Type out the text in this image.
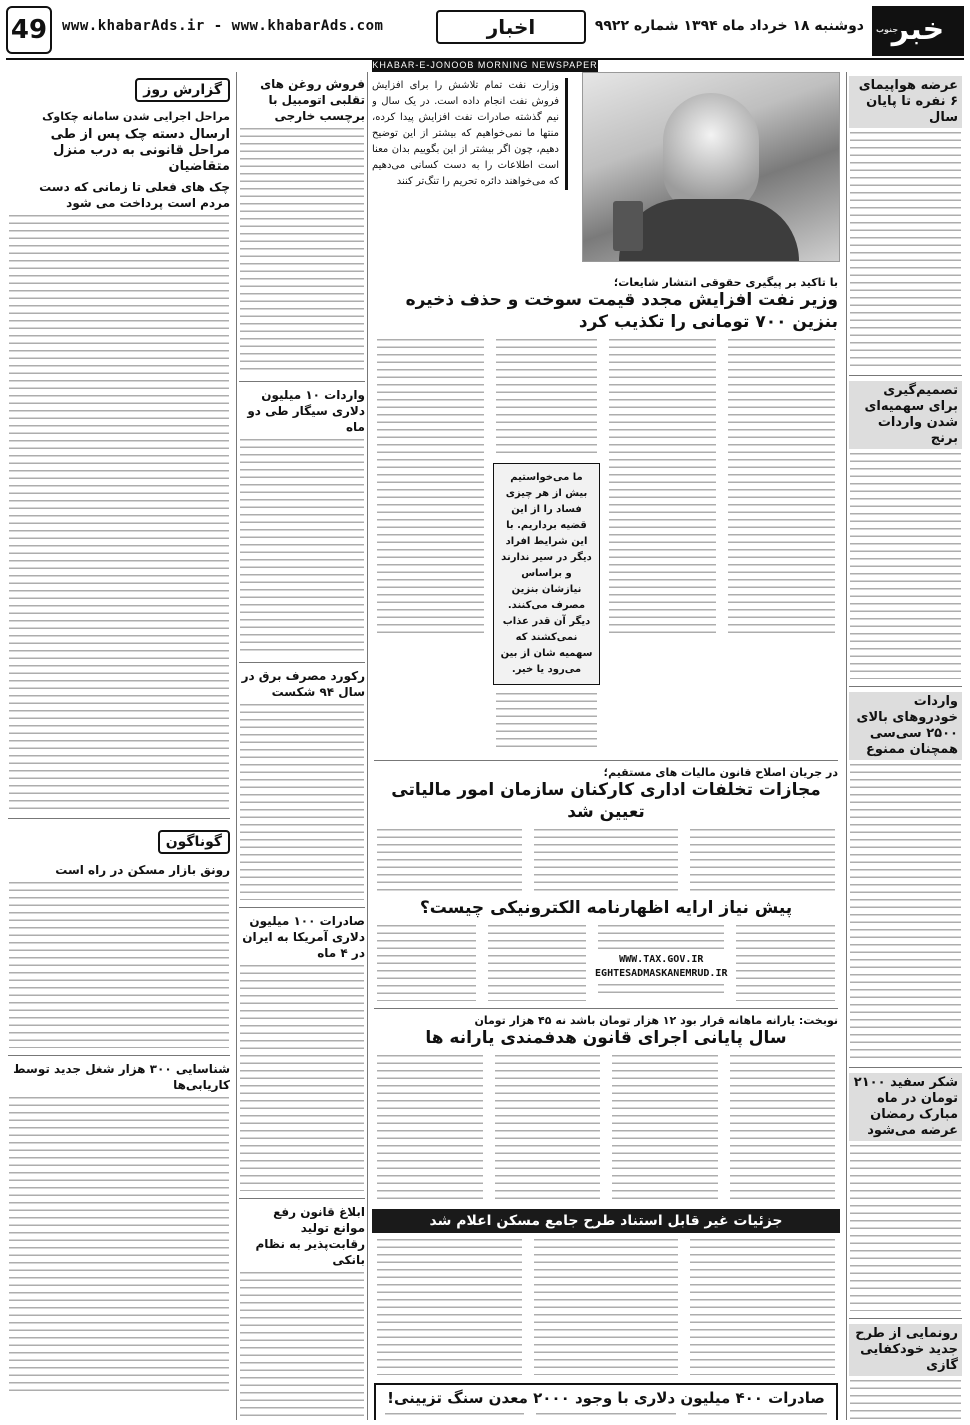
خبر
جنوب
دوشنبه ۱۸ خرداد ماه ۱۳۹۴ شماره ۹۹۲۲
اخبار
www.khabarAds.ir - www.khabarAds.com
49
KHABAR-E-JONOOB MORNING NEWSPAPER
عرضه هواپیمای ۶ نفره تا پایان سال
تصمیم‌گیری برای سهمیه‌ای شدن واردات برنج
واردات خودروهای بالای ۲۵۰۰ سی‌سی همچنان ممنوع
شکر سفید ۲۱۰۰ تومان در ماه مبارک رمضان عرضه می‌شود
رونمایی از طرح جدید خودکفایی گازی
وزارت نفت تمام تلاشش را برای افزایش فروش نفت انجام داده است. در یک سال و نیم گذشته صادرات نفت افزایش پیدا کرده، منتها ما نمی‌خواهیم که بیشتر از این توضیح دهیم، چون اگر بیشتر از این بگوییم بدان معنا است اطلاعات را به دست کسانی می‌دهیم که می‌خواهند دائره تحریم را تنگ‌تر کنند
با تاکید بر پیگیری حقوقی انتشار شایعات؛
وزیر نفت افزایش مجدد قیمت سوخت و حذف ذخیره بنزین ۷۰۰ تومانی را تکذیب کرد
ما می‌خواستیم بیش از هر چیزی فساد را از این قضیه برداریم. با این شرایط افراد دیگر در سیر ندارند و براساس نیازشان بنزین مصرف می‌کنند. دیگر آن قدر عذاب نمی‌کشند که سهمیه شان از بین می‌رود یا خیر.
در جریان اصلاح قانون مالیات های مستقیم؛
مجازات تخلفات اداری کارکنان سازمان امور مالیاتی تعیین شد
پیش نیاز ارایه اظهارنامه الکترونیکی چیست؟
WWW.TAX.GOV.IR
EGHTESADMASKANEMRUD.IR
نوبخت: یارانه ماهانه قرار بود ۱۲ هزار تومان باشد نه ۴۵ هزار تومان
سال پایانی اجرای قانون هدفمندی یارانه ها
جزئیات غیر قابل استناد طرح جامع مسکن اعلام شد
صادرات ۴۰۰ میلیون دلاری با وجود ۲۰۰۰ معدن سنگ تزیینی!
فروش روغن های تقلبی اتومبیل با برچسب خارجی
واردات ۱۰ میلیون دلاری سیگار طی دو ماه
رکورد مصرف برق در سال ۹۴ شکست
صادرات ۱۰۰ میلیون دلاری آمریکا به ایران در ۴ ماه
ابلاغ قانون رفع موانع تولید رقابت‌پذیر به نظام بانکی
گزارش روز
مراحل اجرایی شدن سامانه چکاوک
ارسال دسته چک پس از طی مراحل قانونی به درب منزل متقاضیان
چک های فعلی تا زمانی که دست مردم است پرداخت می شود
گوناگون
رونق بازار مسکن در راه است
شناسایی ۳۰۰ هزار شغل جدید توسط کاریابی‌ها
